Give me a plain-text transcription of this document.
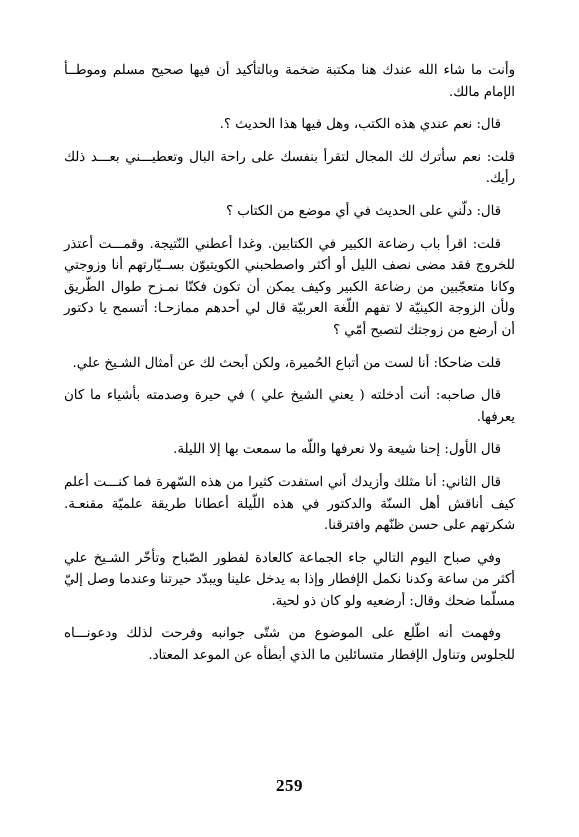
وأنت ما شاء الله عندك هنا مكتبة ضخمة وبالتأكيد أن فيها صحيح مسلم وموطــأ الإمام مالك.

قال: نعم عندي هذه الكتب، وهل فيها هذا الحديث ؟.

قلت: نعم سأترك لك المجال لتقرأ بنفسك على راحة البال وتعطيـــني بعـــد ذلك رأيك.

قال: دلّني على الحديث في أي موضع من الكتاب ؟

قلت: اقرأ باب رضاعة الكبير في الكتابين. وغدا أعطني النّتيجة. وقمـــت أعتذر للخروج فقد مضى نصف الليل أو أكثر واصطحبني الكويتيوّن بســيّارتهم أنا وزوجتي وكانا متعجّبين من رضاعة الكبير وكيف يمكن أن تكون فكنّا نمـزح طوال الطّريق ولأن الزوجة الكينيّة لا تفهم اللّغة العربيّة قال لي أحدهم ممازحـا: أتسمح يا دكتور أن أرضع من زوجتك لتصبح أمّي ؟

قلت ضاحكا: أنا لست من أتباع الحُميرة، ولكن أبحث لك عن أمثال الشـيخ علي.

قال صاحبه: أنت أدخلته ( يعني الشيخ علي ) في حيرة وصدمته بأشياء ما كان يعرفها.

قال الأول: إحنا شيعة ولا نعرفها واللّه ما سمعت بها إلا الليلة.

قال الثاني: أنا مثلك وأزيدك أني استفدت كثيرا من هذه السّهرة فما كنـــت أعلم كيف أناقش أهل السنّة والدكتور في هذه اللّيلة أعطانا طريقة علميّة مقنعـة. شكرتهم على حسن ظنّهم وافترقنا.

وفي صباح اليوم التالي جاء الجماعة كالعادة لفطور الصّباح وتأخّر الشـيخ علي أكثر من ساعة وكدنا نكمل الإفطار وإذا به يدخل علينا ويبدّد حيرتنا وعندما وصل إليّ مسلّما ضحك وقال: أرضعيه ولو كان ذو لحية.

وفهمت أنه اطّلع على الموضوع من شتّى جوانبه وفرحت لذلك ودعونـــاه للجلوس وتناول الإفطار متسائلين ما الذي أبطأه عن الموعد المعتاد.

259
